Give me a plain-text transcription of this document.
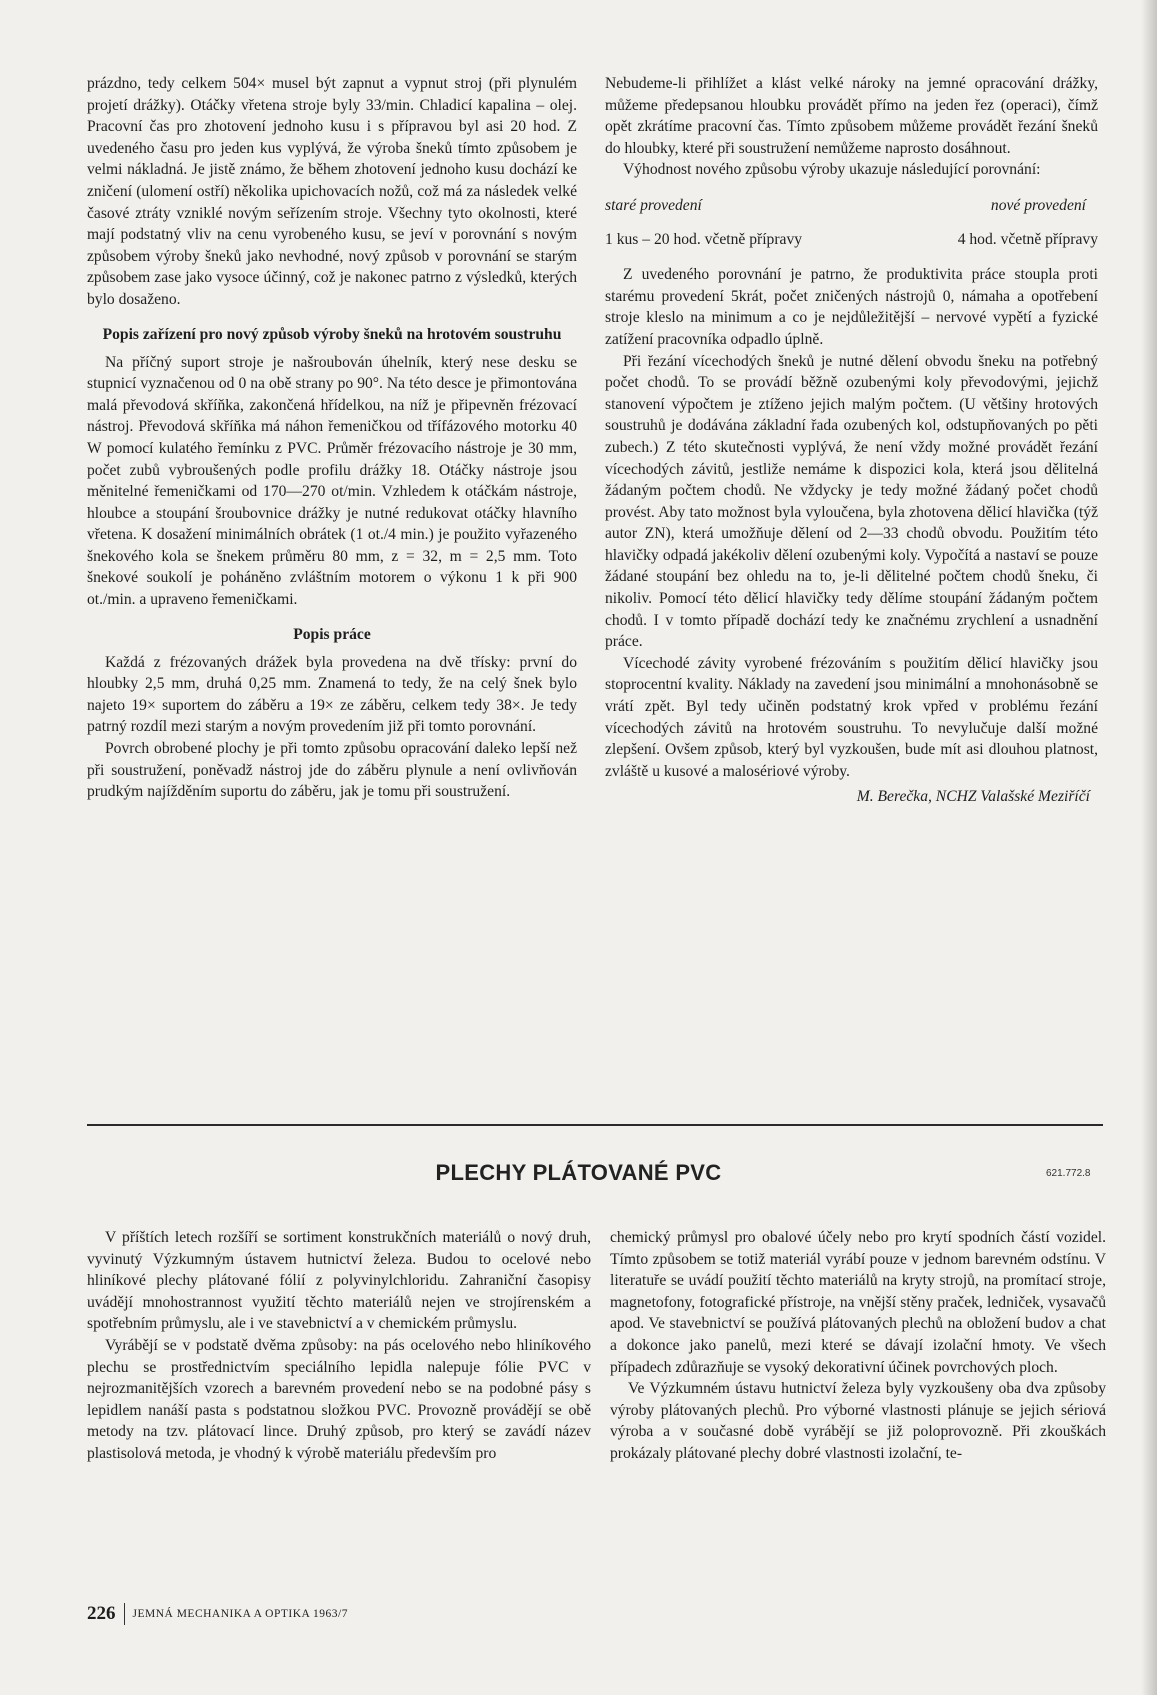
prázdno, tedy celkem 504× musel být zapnut a vypnut stroj (při plynulém projetí drážky). Otáčky vřetena stroje byly 33/min. Chladicí kapalina – olej. Pracovní čas pro zhotovení jednoho kusu i s přípravou byl asi 20 hod. Z uvedeného času pro jeden kus vyplývá, že výroba šneků tímto způsobem je velmi nákladná. Je jistě známo, že během zhotovení jednoho kusu dochází ke zničení (ulomení ostří) několika upichovacích nožů, což má za následek velké časové ztráty vzniklé novým seřízením stroje. Všechny tyto okolnosti, které mají podstatný vliv na cenu vyrobeného kusu, se jeví v porovnání s novým způsobem výroby šneků jako nevhodné, nový způsob v porovnání se starým způsobem zase jako vysoce účinný, což je nakonec patrno z výsledků, kterých bylo dosaženo.

Popis zařízení pro nový způsob výroby šneků na hrotovém soustruhu

Na příčný suport stroje je našroubován úhelník, který nese desku se stupnicí vyznačenou od 0 na obě strany po 90°. Na této desce je přimontována malá převodová skříňka, zakončená hřídelkou, na níž je připevněn frézovací nástroj. Převodová skříňka má náhon řemeničkou od třífázového motorku 40 W pomocí kulatého řemínku z PVC. Průměr frézovacího nástroje je 30 mm, počet zubů vybroušených podle profilu drážky 18. Otáčky nástroje jsou měnitelné řemeničkami od 170—270 ot/min. Vzhledem k otáčkám nástroje, hloubce a stoupání šroubovnice drážky je nutné redukovat otáčky hlavního vřetena. K dosažení minimálních obrátek (1 ot./4 min.) je použito vyřazeného šnekového kola se šnekem průměru 80 mm, z = 32, m = 2,5 mm. Toto šnekové soukolí je poháněno zvláštním motorem o výkonu 1 k při 900 ot./min. a upraveno řemeničkami.

Popis práce

Každá z frézovaných drážek byla provedena na dvě třísky: první do hloubky 2,5 mm, druhá 0,25 mm. Znamená to tedy, že na celý šnek bylo najeto 19× suportem do záběru a 19× ze záběru, celkem tedy 38×. Je tedy patrný rozdíl mezi starým a novým provedením již při tomto porovnání.

Povrch obrobené plochy je při tomto způsobu opracování daleko lepší než při soustružení, poněvadž nástroj jde do záběru plynule a není ovlivňován prudkým najížděním suportu do záběru, jak je tomu při soustružení.

Nebudeme-li přihlížet a klást velké nároky na jemné opracování drážky, můžeme předepsanou hloubku provádět přímo na jeden řez (operaci), čímž opět zkrátíme pracovní čas. Tímto způsobem můžeme provádět řezání šneků do hloubky, které při soustružení nemůžeme naprosto dosáhnout.

Výhodnost nového způsobu výroby ukazuje následující porovnání:

staré provedení	nové provedení
1 kus – 20 hod. včetně přípravy	4 hod. včetně přípravy

Z uvedeného porovnání je patrno, že produktivita práce stoupla proti starému provedení 5krát, počet zničených nástrojů 0, námaha a opotřebení stroje kleslo na minimum a co je nejdůležitější – nervové vypětí a fyzické zatížení pracovníka odpadlo úplně.

Při řezání vícechodých šneků je nutné dělení obvodu šneku na potřebný počet chodů. To se provádí běžně ozubenými koly převodovými, jejichž stanovení výpočtem je ztíženo jejich malým počtem. (U většiny hrotových soustruhů je dodávána základní řada ozubených kol, odstupňovaných po pěti zubech.) Z této skutečnosti vyplývá, že není vždy možné provádět řezání vícechodých závitů, jestliže nemáme k dispozici kola, která jsou dělitelná žádaným počtem chodů. Ne vždycky je tedy možné žádaný počet chodů provést. Aby tato možnost byla vyloučena, byla zhotovena dělicí hlavička (týž autor ZN), která umožňuje dělení od 2—33 chodů obvodu. Použitím této hlavičky odpadá jakékoliv dělení ozubenými koly. Vypočítá a nastaví se pouze žádané stoupání bez ohledu na to, je-li dělitelné počtem chodů šneku, či nikoliv. Pomocí této dělicí hlavičky tedy dělíme stoupání žádaným počtem chodů. I v tomto případě dochází tedy ke značnému zrychlení a usnadnění práce.

Vícechodé závity vyrobené frézováním s použitím dělicí hlavičky jsou stoprocentní kvality. Náklady na zavedení jsou minimální a mnohonásobně se vrátí zpět. Byl tedy učiněn podstatný krok vpřed v problému řezání vícechodých závitů na hrotovém soustruhu. To nevylučuje další možné zlepšení. Ovšem způsob, který byl vyzkoušen, bude mít asi dlouhou platnost, zvláště u kusové a malosériové výroby.

M. Berečka, NCHZ Valašské Meziříčí
PLECHY PLÁTOVANÉ PVC	621.772.8

V příštích letech rozšíří se sortiment konstrukčních materiálů o nový druh, vyvinutý Výzkumným ústavem hutnictví železa. Budou to ocelové nebo hliníkové plechy plátované fólií z polyvinylchloridu. Zahraniční časopisy uvádějí mnohostrannost využití těchto materiálů nejen ve strojírenském a spotřebním průmyslu, ale i ve stavebnictví a v chemickém průmyslu.

Vyrábějí se v podstatě dvěma způsoby: na pás ocelového nebo hliníkového plechu se prostřednictvím speciálního lepidla nalepuje fólie PVC v nejrozmanitějších vzorech a barevném provedení nebo se na podobné pásy s lepidlem nanáší pasta s podstatnou složkou PVC. Provozně provádějí se obě metody na tzv. plátovací lince. Druhý způsob, pro který se zavádí název plastisolová metoda, je vhodný k výrobě materiálu především pro

chemický průmysl pro obalové účely nebo pro krytí spodních částí vozidel. Tímto způsobem se totiž materiál vyrábí pouze v jednom barevném odstínu. V literatuře se uvádí použití těchto materiálů na kryty strojů, na promítací stroje, magnetofony, fotografické přístroje, na vnější stěny praček, ledniček, vysavačů apod. Ve stavebnictví se používá plátovaných plechů na obložení budov a chat a dokonce jako panelů, mezi které se dávají izolační hmoty. Ve všech případech zdůrazňuje se vysoký dekorativní účinek povrchových ploch.

Ve Výzkumném ústavu hutnictví železa byly vyzkoušeny oba dva způsoby výroby plátovaných plechů. Pro výborné vlastnosti plánuje se jejich sériová výroba a v současné době vyrábějí se již poloprovozně. Při zkouškách prokázaly plátované plechy dobré vlastnosti izolační, te-

226 JEMNÁ MECHANIKA A OPTIKA 1963/7
